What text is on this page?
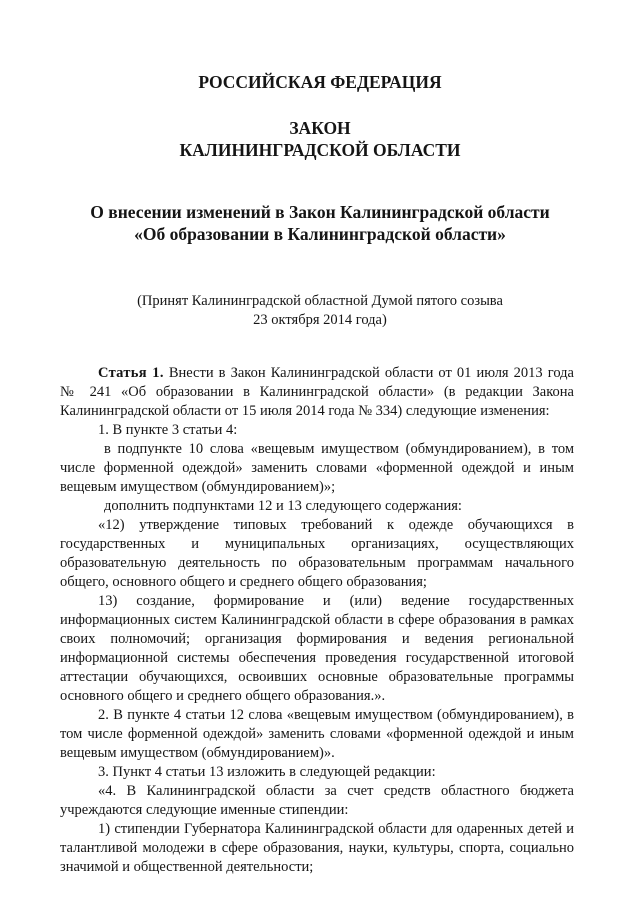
РОССИЙСКАЯ ФЕДЕРАЦИЯ

ЗАКОН

КАЛИНИНГРАДСКОЙ ОБЛАСТИ

О внесении изменений в Закон Калининградской области

«Об образовании в Калининградской области»

(Принят Калининградской областной Думой пятого созыва

23 октября 2014 года)

Статья 1. Внести в Закон Калининградской области от 01 июля 2013 года № 241 «Об образовании в Калининградской области» (в редакции Закона Калининградской области от 15 июля 2014 года № 334) следующие изменения:

1. В пункте 3 статьи 4:

в подпункте 10 слова «вещевым имуществом (обмундированием), в том числе форменной одеждой» заменить словами «форменной одеждой и иным вещевым имуществом (обмундированием)»;

дополнить подпунктами 12 и 13 следующего содержания:

«12) утверждение типовых требований к одежде обучающихся в государственных и муниципальных организациях, осуществляющих образовательную деятельность по образовательным программам начального общего, основного общего и среднего общего образования;

13) создание, формирование и (или) ведение государственных информационных систем Калининградской области в сфере образования в рамках своих полномочий; организация формирования и ведения региональной информационной системы обеспечения проведения государственной итоговой аттестации обучающихся, освоивших основные образовательные программы основного общего и среднего общего образования.».

2. В пункте 4 статьи 12 слова «вещевым имуществом (обмундированием), в том числе форменной одеждой» заменить словами «форменной одеждой и иным вещевым имуществом (обмундированием)».

3. Пункт 4 статьи 13 изложить в следующей редакции:

«4. В Калининградской области за счет средств областного бюджета учреждаются следующие именные стипендии:

1) стипендии Губернатора Калининградской области для одаренных детей и талантливой молодежи в сфере образования, науки, культуры, спорта, социально значимой и общественной деятельности;
